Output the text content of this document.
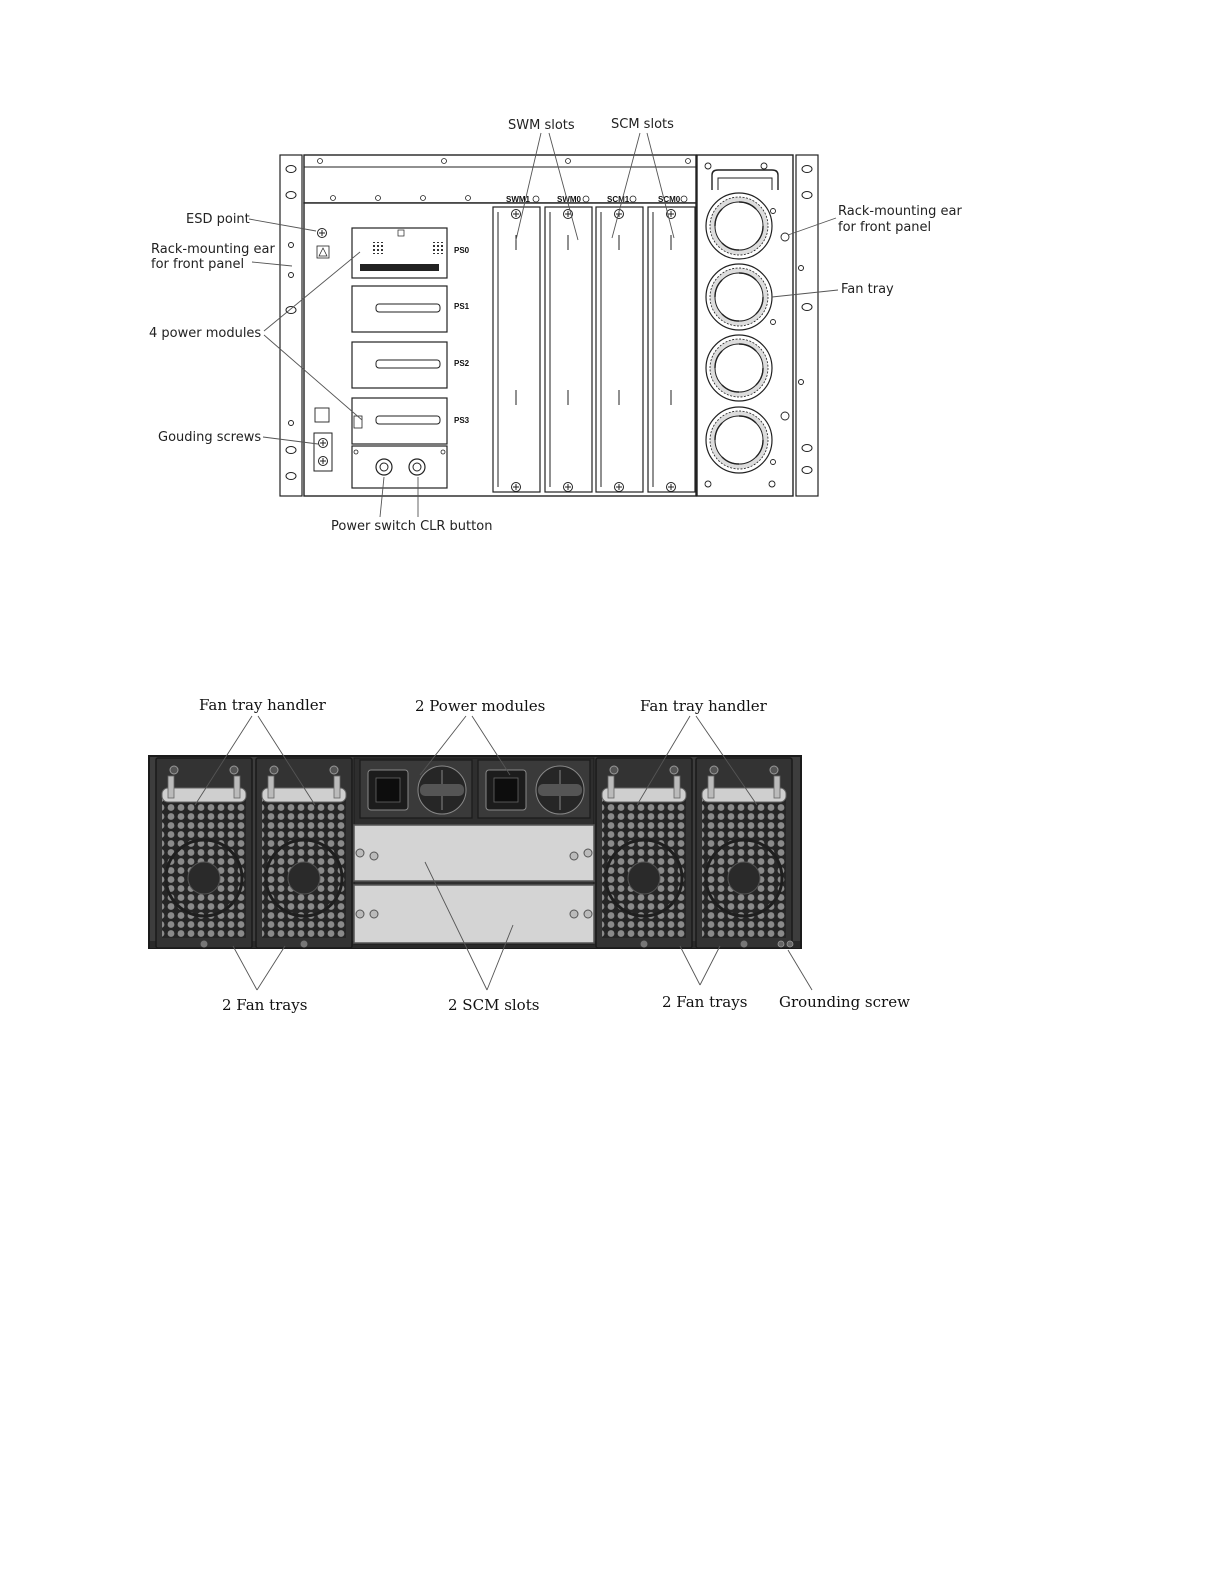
PS0
PS1
PS2
PS3
SWM1	SWM0	SCM1	SCM0
SWM slots	SCM slots
ESD point
Rack-mounting ear
for front panel
4 power modules
Gouding screws
Power switch CLR button
Rack-mounting ear
for front panel
Fan tray
Fan tray handler	2 Power modules	Fan tray handler
2 Fan trays	2 SCM slots	2 Fan trays Grounding screw
